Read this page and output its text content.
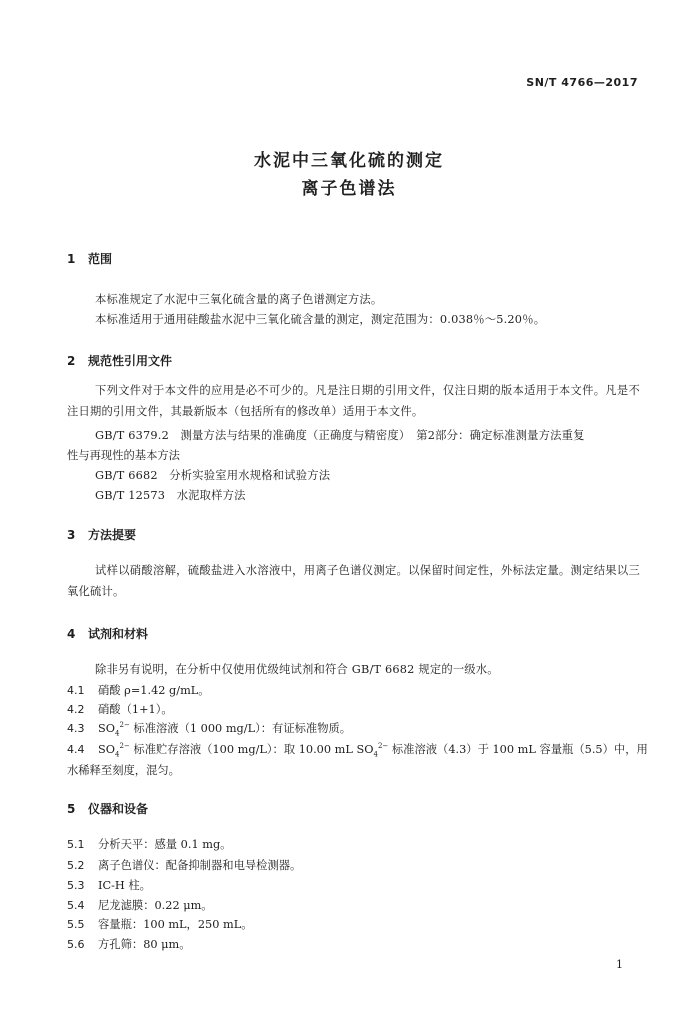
SN/T 4766—2017
水泥中三氧化硫的测定
离子色谱法
1 范围
本标准规定了水泥中三氧化硫含量的离子色谱测定方法。
本标准适用于通用硅酸盐水泥中三氧化硫含量的测定，测定范围为：0.038％～5.20％。
2 规范性引用文件
下列文件对于本文件的应用是必不可少的。凡是注日期的引用文件，仅注日期的版本适用于本文件。凡是不注日期的引用文件，其最新版本（包括所有的修改单）适用于本文件。
GB/T 6379.2　测量方法与结果的准确度（正确度与精密度）　第2部分：确定标准测量方法重复
性与再现性的基本方法
GB/T 6682　分析实验室用水规格和试验方法
GB/T 12573　水泥取样方法
3 方法提要
试样以硝酸溶解，硫酸盐进入水溶液中，用离子色谱仪测定。以保留时间定性，外标法定量。测定结果以三氧化硫计。
4 试剂和材料
除非另有说明，在分析中仅使用优级纯试剂和符合 GB/T 6682 规定的一级水。
4.1 硝酸 ρ=1.42 g/mL。
4.2 硝酸（1+1）。
4.3 $SO_4^{2-}$ 标准溶液（1 000 mg/L）：有证标准物质。
4.4 $SO_4^{2-}$ 标准贮存溶液（100 mg/L）：取 10.00 mL $SO_4^{2-}$ 标准溶液（4.3）于 100 mL 容量瓶（5.5）中，用
水稀释至刻度，混匀。
5 仪器和设备
5.1 分析天平：感量 0.1 mg。
5.2 离子色谱仪：配备抑制器和电导检测器。
5.3 IC-H 柱。
5.4 尼龙滤膜：0.22 μm。
5.5 容量瓶：100 mL，250 mL。
5.6 方孔筛：80 μm。
1
